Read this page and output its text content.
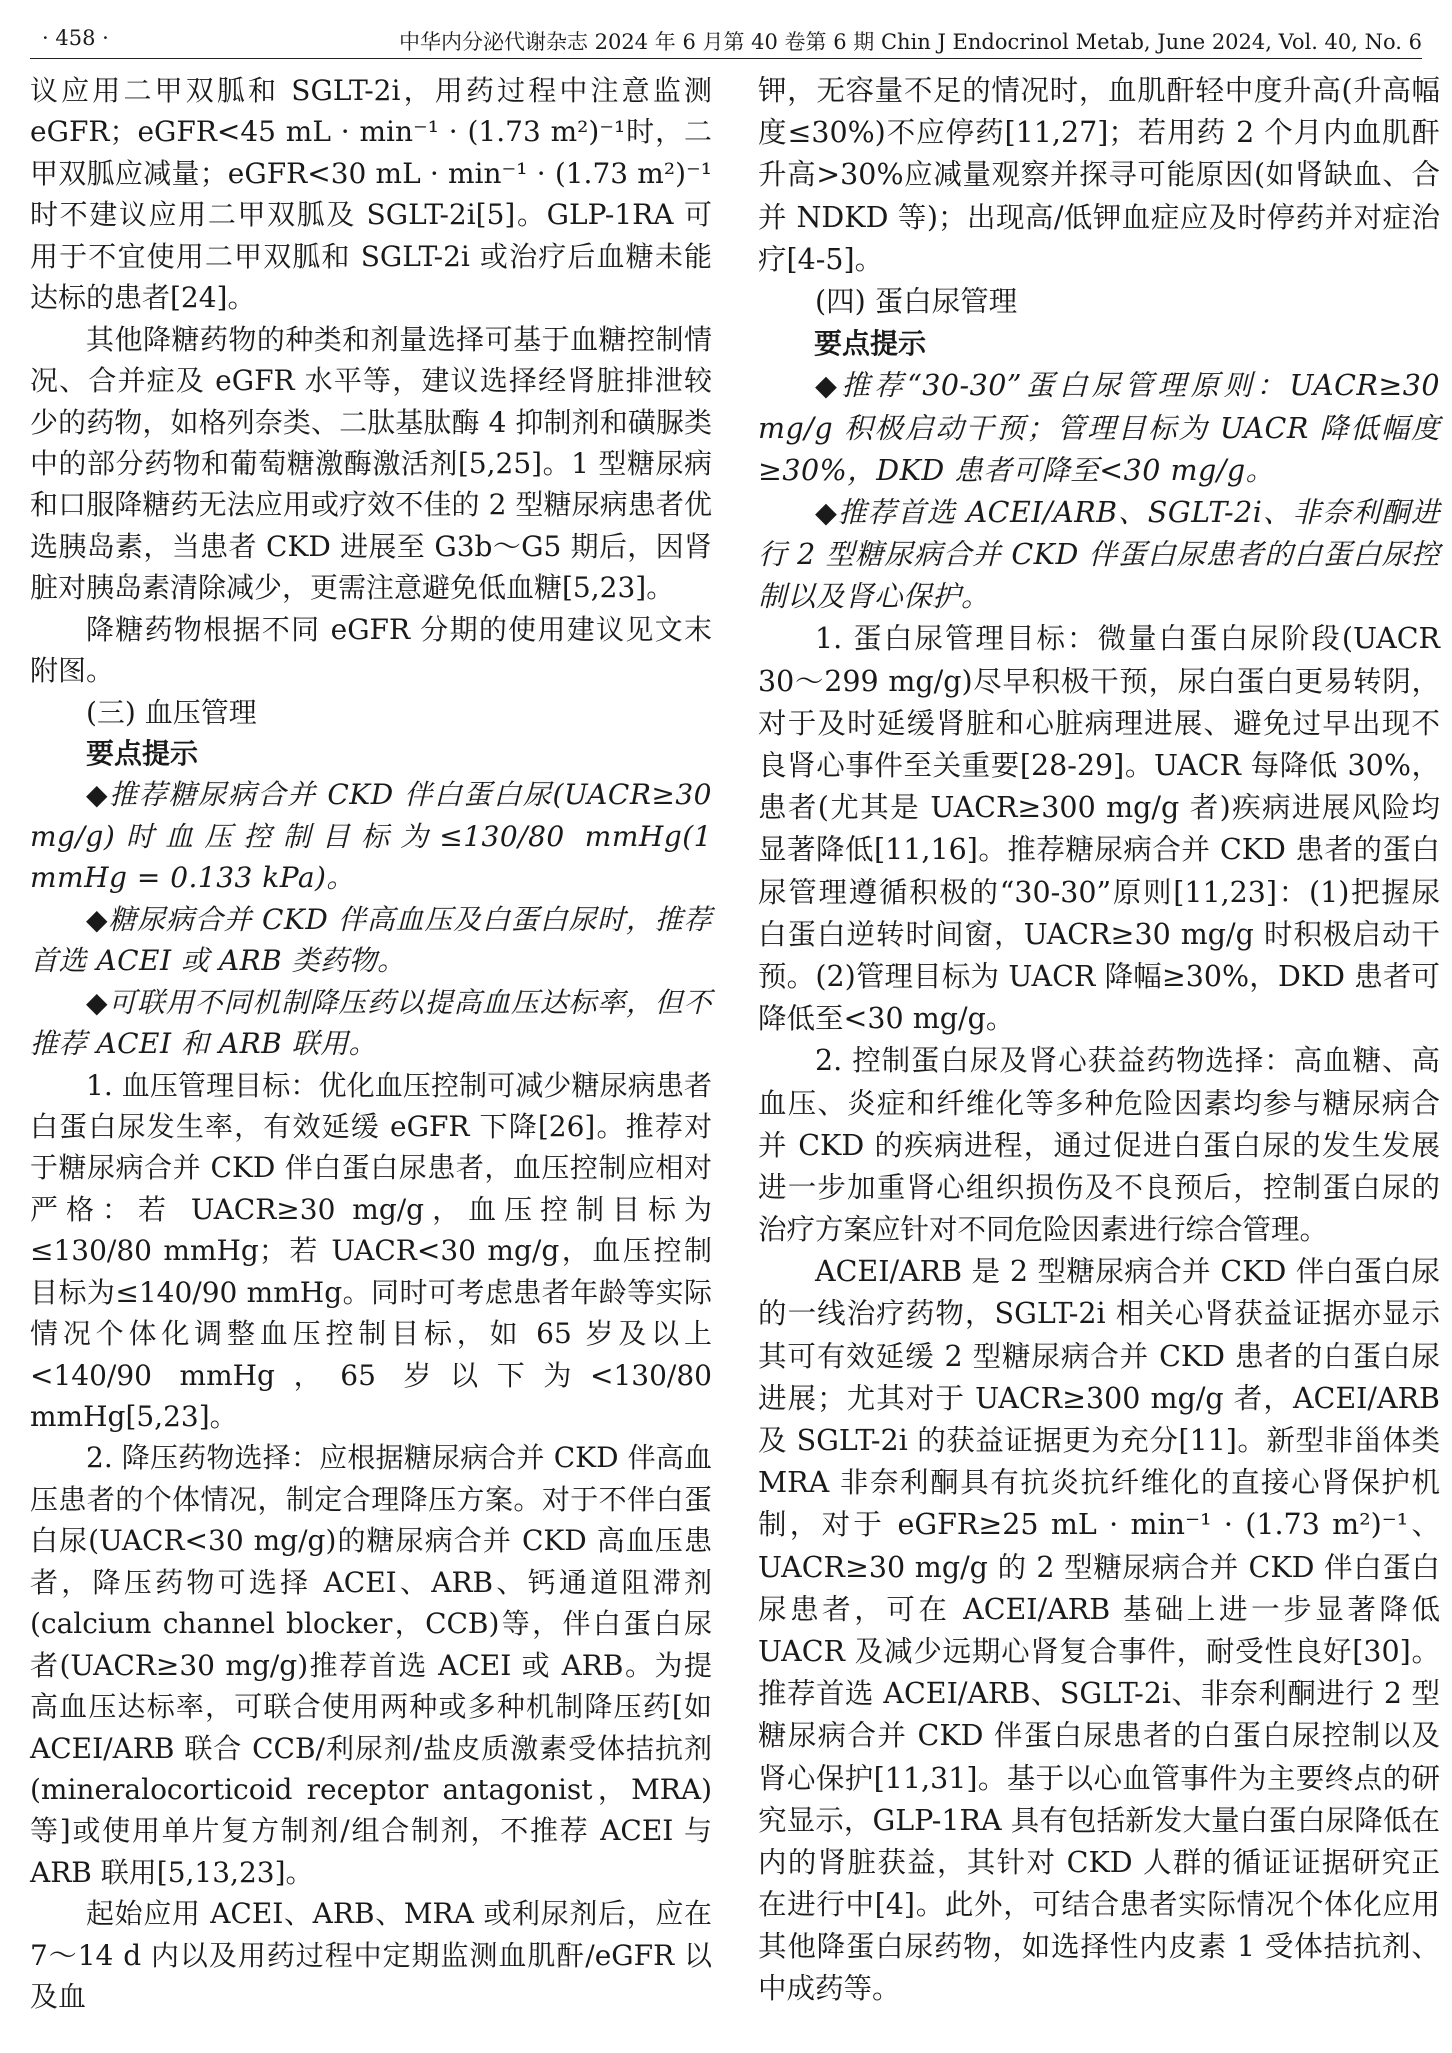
· 458 ·	中华内分泌代谢杂志 2024 年 6 月第 40 卷第 6 期 Chin J Endocrinol Metab, June 2024, Vol. 40, No. 6

议应用二甲双胍和 SGLT-2i，用药过程中注意监测 eGFR；eGFR<45 mL · min⁻¹ · (1.73 m²)⁻¹时，二甲双胍应减量；eGFR<30 mL · min⁻¹ · (1.73 m²)⁻¹时不建议应用二甲双胍及 SGLT-2i[5]。GLP-1RA 可用于不宜使用二甲双胍和 SGLT-2i 或治疗后血糖未能达标的患者[24]。

其他降糖药物的种类和剂量选择可基于血糖控制情况、合并症及 eGFR 水平等，建议选择经肾脏排泄较少的药物，如格列奈类、二肽基肽酶 4 抑制剂和磺脲类中的部分药物和葡萄糖激酶激活剂[5,25]。1 型糖尿病和口服降糖药无法应用或疗效不佳的 2 型糖尿病患者优选胰岛素，当患者 CKD 进展至 G3b～G5 期后，因肾脏对胰岛素清除减少，更需注意避免低血糖[5,23]。

降糖药物根据不同 eGFR 分期的使用建议见文末附图。

(三) 血压管理

要点提示

◆推荐糖尿病合并 CKD 伴白蛋白尿(UACR≥30 mg/g)时血压控制目标为≤130/80 mmHg(1 mmHg = 0.133 kPa)。

◆糖尿病合并 CKD 伴高血压及白蛋白尿时，推荐首选 ACEI 或 ARB 类药物。

◆可联用不同机制降压药以提高血压达标率，但不推荐 ACEI 和 ARB 联用。

1. 血压管理目标：优化血压控制可减少糖尿病患者白蛋白尿发生率，有效延缓 eGFR 下降[26]。推荐对于糖尿病合并 CKD 伴白蛋白尿患者，血压控制应相对严格：若 UACR≥30 mg/g，血压控制目标为≤130/80 mmHg；若 UACR<30 mg/g，血压控制目标为≤140/90 mmHg。同时可考虑患者年龄等实际情况个体化调整血压控制目标，如 65 岁及以上<140/90 mmHg，65 岁以下为<130/80 mmHg[5,23]。

2. 降压药物选择：应根据糖尿病合并 CKD 伴高血压患者的个体情况，制定合理降压方案。对于不伴白蛋白尿(UACR<30 mg/g)的糖尿病合并 CKD 高血压患者，降压药物可选择 ACEI、ARB、钙通道阻滞剂(calcium channel blocker，CCB)等，伴白蛋白尿者(UACR≥30 mg/g)推荐首选 ACEI 或 ARB。为提高血压达标率，可联合使用两种或多种机制降压药[如 ACEI/ARB 联合 CCB/利尿剂/盐皮质激素受体拮抗剂(mineralocorticoid receptor antagonist，MRA)等]或使用单片复方制剂/组合制剂，不推荐 ACEI 与 ARB 联用[5,13,23]。

起始应用 ACEI、ARB、MRA 或利尿剂后，应在 7～14 d 内以及用药过程中定期监测血肌酐/eGFR 以及血

钾，无容量不足的情况时，血肌酐轻中度升高(升高幅度≤30%)不应停药[11,27]；若用药 2 个月内血肌酐升高>30%应减量观察并探寻可能原因(如肾缺血、合并 NDKD 等)；出现高/低钾血症应及时停药并对症治疗[4-5]。

(四) 蛋白尿管理

要点提示

◆推荐“30-30”蛋白尿管理原则：UACR≥30 mg/g 积极启动干预；管理目标为 UACR 降低幅度≥30%，DKD 患者可降至<30 mg/g。

◆推荐首选 ACEI/ARB、SGLT-2i、非奈利酮进行 2 型糖尿病合并 CKD 伴蛋白尿患者的白蛋白尿控制以及肾心保护。

1. 蛋白尿管理目标：微量白蛋白尿阶段(UACR 30～299 mg/g)尽早积极干预，尿白蛋白更易转阴，对于及时延缓肾脏和心脏病理进展、避免过早出现不良肾心事件至关重要[28-29]。UACR 每降低 30%，患者(尤其是 UACR≥300 mg/g 者)疾病进展风险均显著降低[11,16]。推荐糖尿病合并 CKD 患者的蛋白尿管理遵循积极的“30-30”原则[11,23]：(1)把握尿白蛋白逆转时间窗，UACR≥30 mg/g 时积极启动干预。(2)管理目标为 UACR 降幅≥30%，DKD 患者可降低至<30 mg/g。

2. 控制蛋白尿及肾心获益药物选择：高血糖、高血压、炎症和纤维化等多种危险因素均参与糖尿病合并 CKD 的疾病进程，通过促进白蛋白尿的发生发展进一步加重肾心组织损伤及不良预后，控制蛋白尿的治疗方案应针对不同危险因素进行综合管理。

ACEI/ARB 是 2 型糖尿病合并 CKD 伴白蛋白尿的一线治疗药物，SGLT-2i 相关心肾获益证据亦显示其可有效延缓 2 型糖尿病合并 CKD 患者的白蛋白尿进展；尤其对于 UACR≥300 mg/g 者，ACEI/ARB 及 SGLT-2i 的获益证据更为充分[11]。新型非甾体类 MRA 非奈利酮具有抗炎抗纤维化的直接心肾保护机制，对于 eGFR≥25 mL · min⁻¹ · (1.73 m²)⁻¹、UACR≥30 mg/g 的 2 型糖尿病合并 CKD 伴白蛋白尿患者，可在 ACEI/ARB 基础上进一步显著降低 UACR 及减少远期心肾复合事件，耐受性良好[30]。推荐首选 ACEI/ARB、SGLT-2i、非奈利酮进行 2 型糖尿病合并 CKD 伴蛋白尿患者的白蛋白尿控制以及肾心保护[11,31]。基于以心血管事件为主要终点的研究显示，GLP-1RA 具有包括新发大量白蛋白尿降低在内的肾脏获益，其针对 CKD 人群的循证证据研究正在进行中[4]。此外，可结合患者实际情况个体化应用其他降蛋白尿药物，如选择性内皮素 1 受体拮抗剂、中成药等。
